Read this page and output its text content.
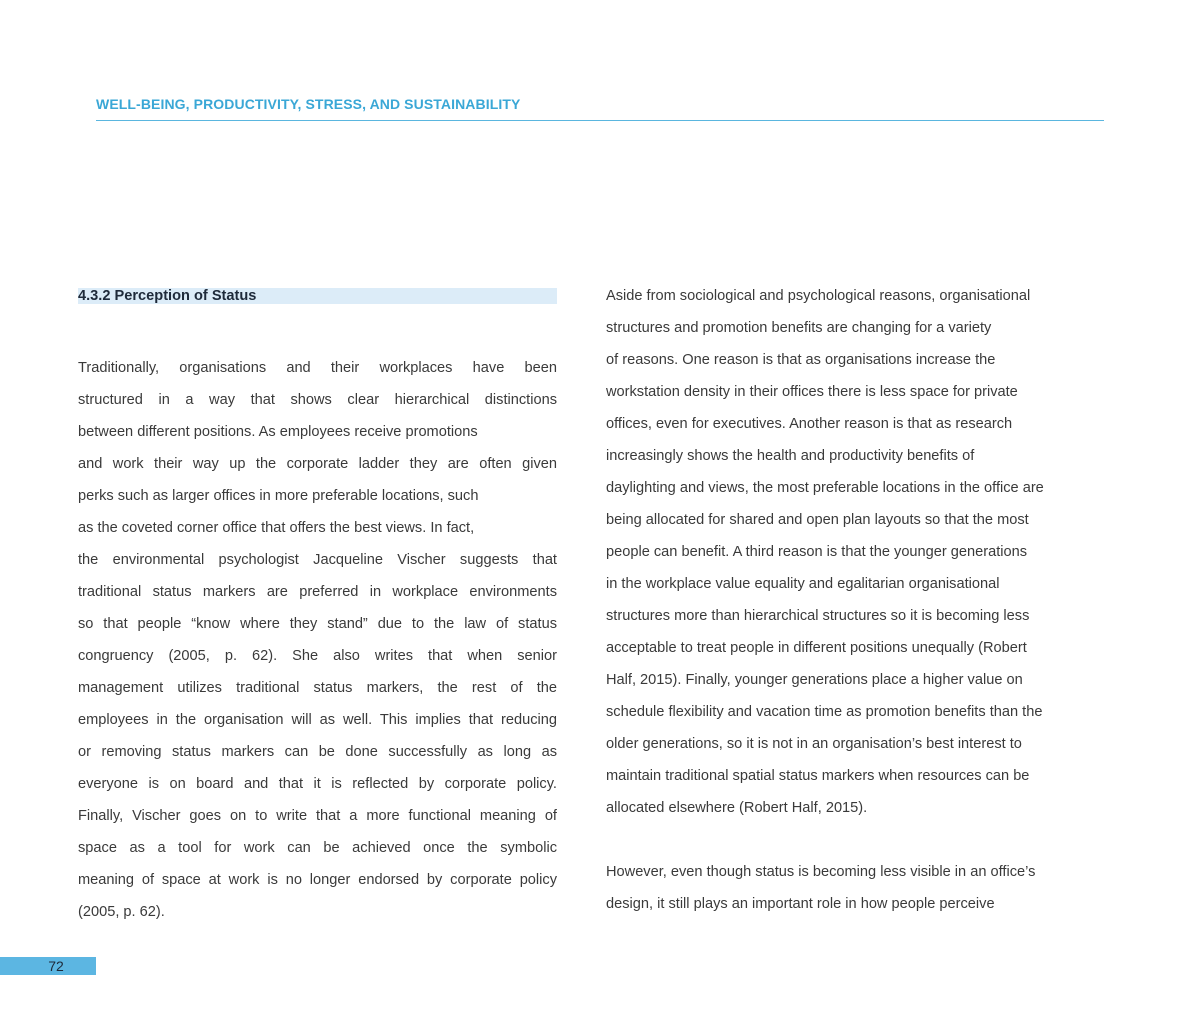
WELL-BEING, PRODUCTIVITY, STRESS, AND SUSTAINABILITY
4.3.2 Perception of Status
Traditionally, organisations and their workplaces have been
structured in a way that shows clear hierarchical distinctions
between different positions. As employees receive promotions
and work their way up the corporate ladder they are often given
perks such as larger offices in more preferable locations, such
as the coveted corner office that offers the best views. In fact,
the environmental psychologist Jacqueline Vischer suggests that
traditional status markers are preferred in workplace environments
so that people “know where they stand” due to the law of status
congruency (2005, p. 62). She also writes that when senior
management utilizes traditional status markers, the rest of the
employees in the organisation will as well. This implies that reducing
or removing status markers can be done successfully as long as
everyone is on board and that it is reflected by corporate policy.
Finally, Vischer goes on to write that a more functional meaning of
space as a tool for work can be achieved once the symbolic
meaning of space at work is no longer endorsed by corporate policy
(2005, p. 62).
Aside from sociological and psychological reasons, organisational
structures and promotion benefits are changing for a variety
of reasons. One reason is that as organisations increase the
workstation density in their offices there is less space for private
offices, even for executives. Another reason is that as research
increasingly shows the health and productivity benefits of
daylighting and views, the most preferable locations in the office are
being allocated for shared and open plan layouts so that the most
people can benefit. A third reason is that the younger generations
in the workplace value equality and egalitarian organisational
structures more than hierarchical structures so it is becoming less
acceptable to treat people in different positions unequally (Robert
Half, 2015). Finally, younger generations place a higher value on
schedule flexibility and vacation time as promotion benefits than the
older generations, so it is not in an organisation’s best interest to
maintain traditional spatial status markers when resources can be
allocated elsewhere (Robert Half, 2015).
However, even though status is becoming less visible in an office’s
design, it still plays an important role in how people perceive
72
